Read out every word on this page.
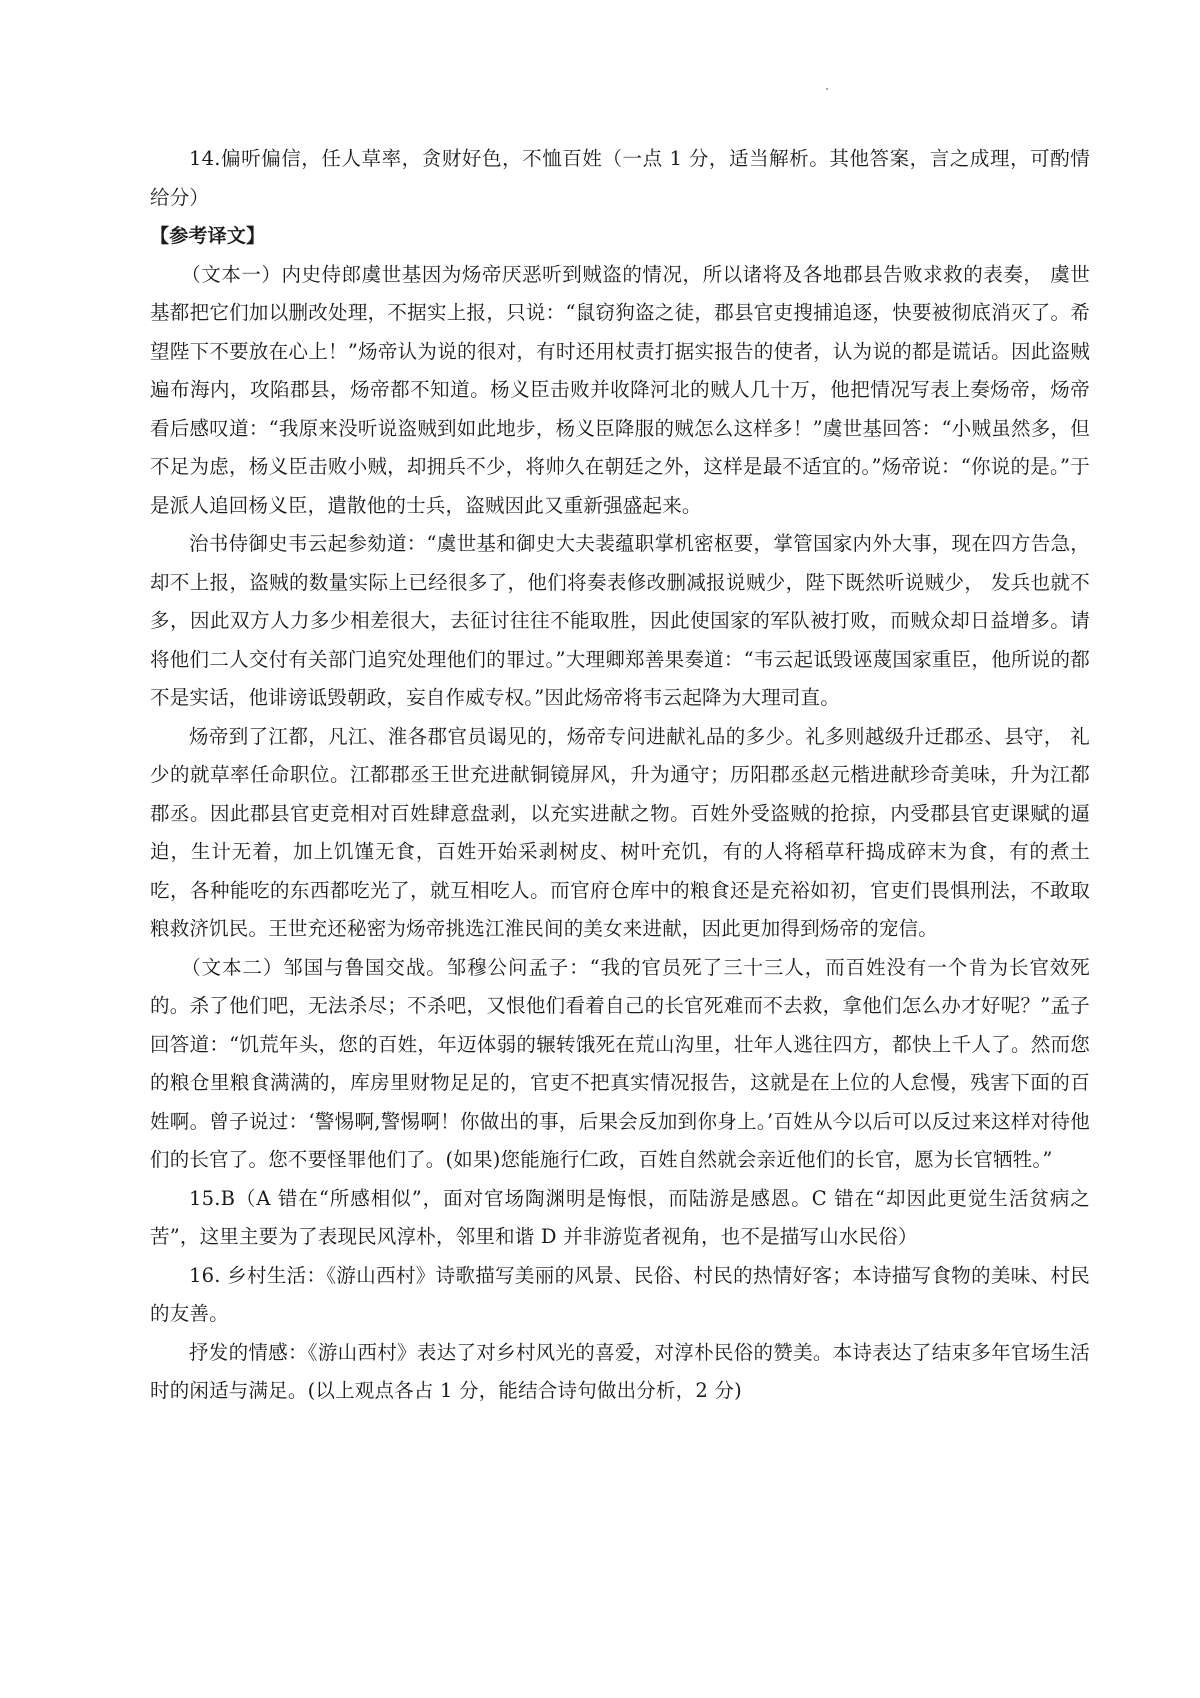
14.偏听偏信，任人草率，贪财好色，不恤百姓（一点 1 分，适当解析。其他答案，言之成理，可酌情给分）

【参考译文】

（文本一）内史侍郎虞世基因为炀帝厌恶听到贼盗的情况，所以诸将及各地郡县告败求救的表奏， 虞世基都把它们加以删改处理，不据实上报，只说：“鼠窃狗盗之徒，郡县官吏搜捕追逐，快要被彻底消灭了。希望陛下不要放在心上！”炀帝认为说的很对，有时还用杖责打据实报告的使者，认为说的都是谎话。因此盗贼遍布海内，攻陷郡县，炀帝都不知道。杨义臣击败并收降河北的贼人几十万，他把情况写表上奏炀帝，炀帝看后感叹道：“我原来没听说盗贼到如此地步，杨义臣降服的贼怎么这样多！”虞世基回答：“小贼虽然多，但不足为虑，杨义臣击败小贼，却拥兵不少，将帅久在朝廷之外，这样是最不适宜的。”炀帝说：“你说的是。”于是派人追回杨义臣，遣散他的士兵，盗贼因此又重新强盛起来。

治书侍御史韦云起参劾道：“虞世基和御史大夫裴蕴职掌机密枢要，掌管国家内外大事，现在四方告急，却不上报，盗贼的数量实际上已经很多了，他们将奏表修改删减报说贼少，陛下既然听说贼少， 发兵也就不多，因此双方人力多少相差很大，去征讨往往不能取胜，因此使国家的军队被打败，而贼众却日益增多。请将他们二人交付有关部门追究处理他们的罪过。”大理卿郑善果奏道：“韦云起诋毁诬蔑国家重臣，他所说的都不是实话，他诽谤诋毁朝政，妄自作威专权。”因此炀帝将韦云起降为大理司直。

炀帝到了江都，凡江、淮各郡官员谒见的，炀帝专问进献礼品的多少。礼多则越级升迁郡丞、县守， 礼少的就草率任命职位。江都郡丞王世充进献铜镜屏风，升为通守；历阳郡丞赵元楷进献珍奇美味，升为江都郡丞。因此郡县官吏竞相对百姓肆意盘剥，以充实进献之物。百姓外受盗贼的抢掠，内受郡县官吏课赋的逼迫，生计无着，加上饥馑无食，百姓开始采剥树皮、树叶充饥，有的人将稻草秆捣成碎末为食，有的煮土吃，各种能吃的东西都吃光了，就互相吃人。而官府仓库中的粮食还是充裕如初，官吏们畏惧刑法，不敢取粮救济饥民。王世充还秘密为炀帝挑选江淮民间的美女来进献，因此更加得到炀帝的宠信。

（文本二）邹国与鲁国交战。邹穆公问孟子：“我的官员死了三十三人，而百姓没有一个肯为长官效死的。杀了他们吧，无法杀尽；不杀吧，又恨他们看着自己的长官死难而不去救，拿他们怎么办才好呢？”孟子回答道：“饥荒年头，您的百姓，年迈体弱的辗转饿死在荒山沟里，壮年人逃往四方，都快上千人了。然而您的粮仓里粮食满满的，库房里财物足足的，官吏不把真实情况报告，这就是在上位的人怠慢，残害下面的百姓啊。曾子说过：‘警惕啊,警惕啊！你做出的事，后果会反加到你身上。’百姓从今以后可以反过来这样对待他们的长官了。您不要怪罪他们了。(如果)您能施行仁政，百姓自然就会亲近他们的长官，愿为长官牺牲。”

15.B（A 错在“所感相似”，面对官场陶渊明是悔恨，而陆游是感恩。C 错在“却因此更觉生活贫病之苦”，这里主要为了表现民风淳朴，邻里和谐 D 并非游览者视角，也不是描写山水民俗）

16. 乡村生活：《游山西村》诗歌描写美丽的风景、民俗、村民的热情好客；本诗描写食物的美味、村民的友善。

抒发的情感：《游山西村》表达了对乡村风光的喜爱，对淳朴民俗的赞美。本诗表达了结束多年官场生活时的闲适与满足。(以上观点各占 1 分，能结合诗句做出分析，2 分)
